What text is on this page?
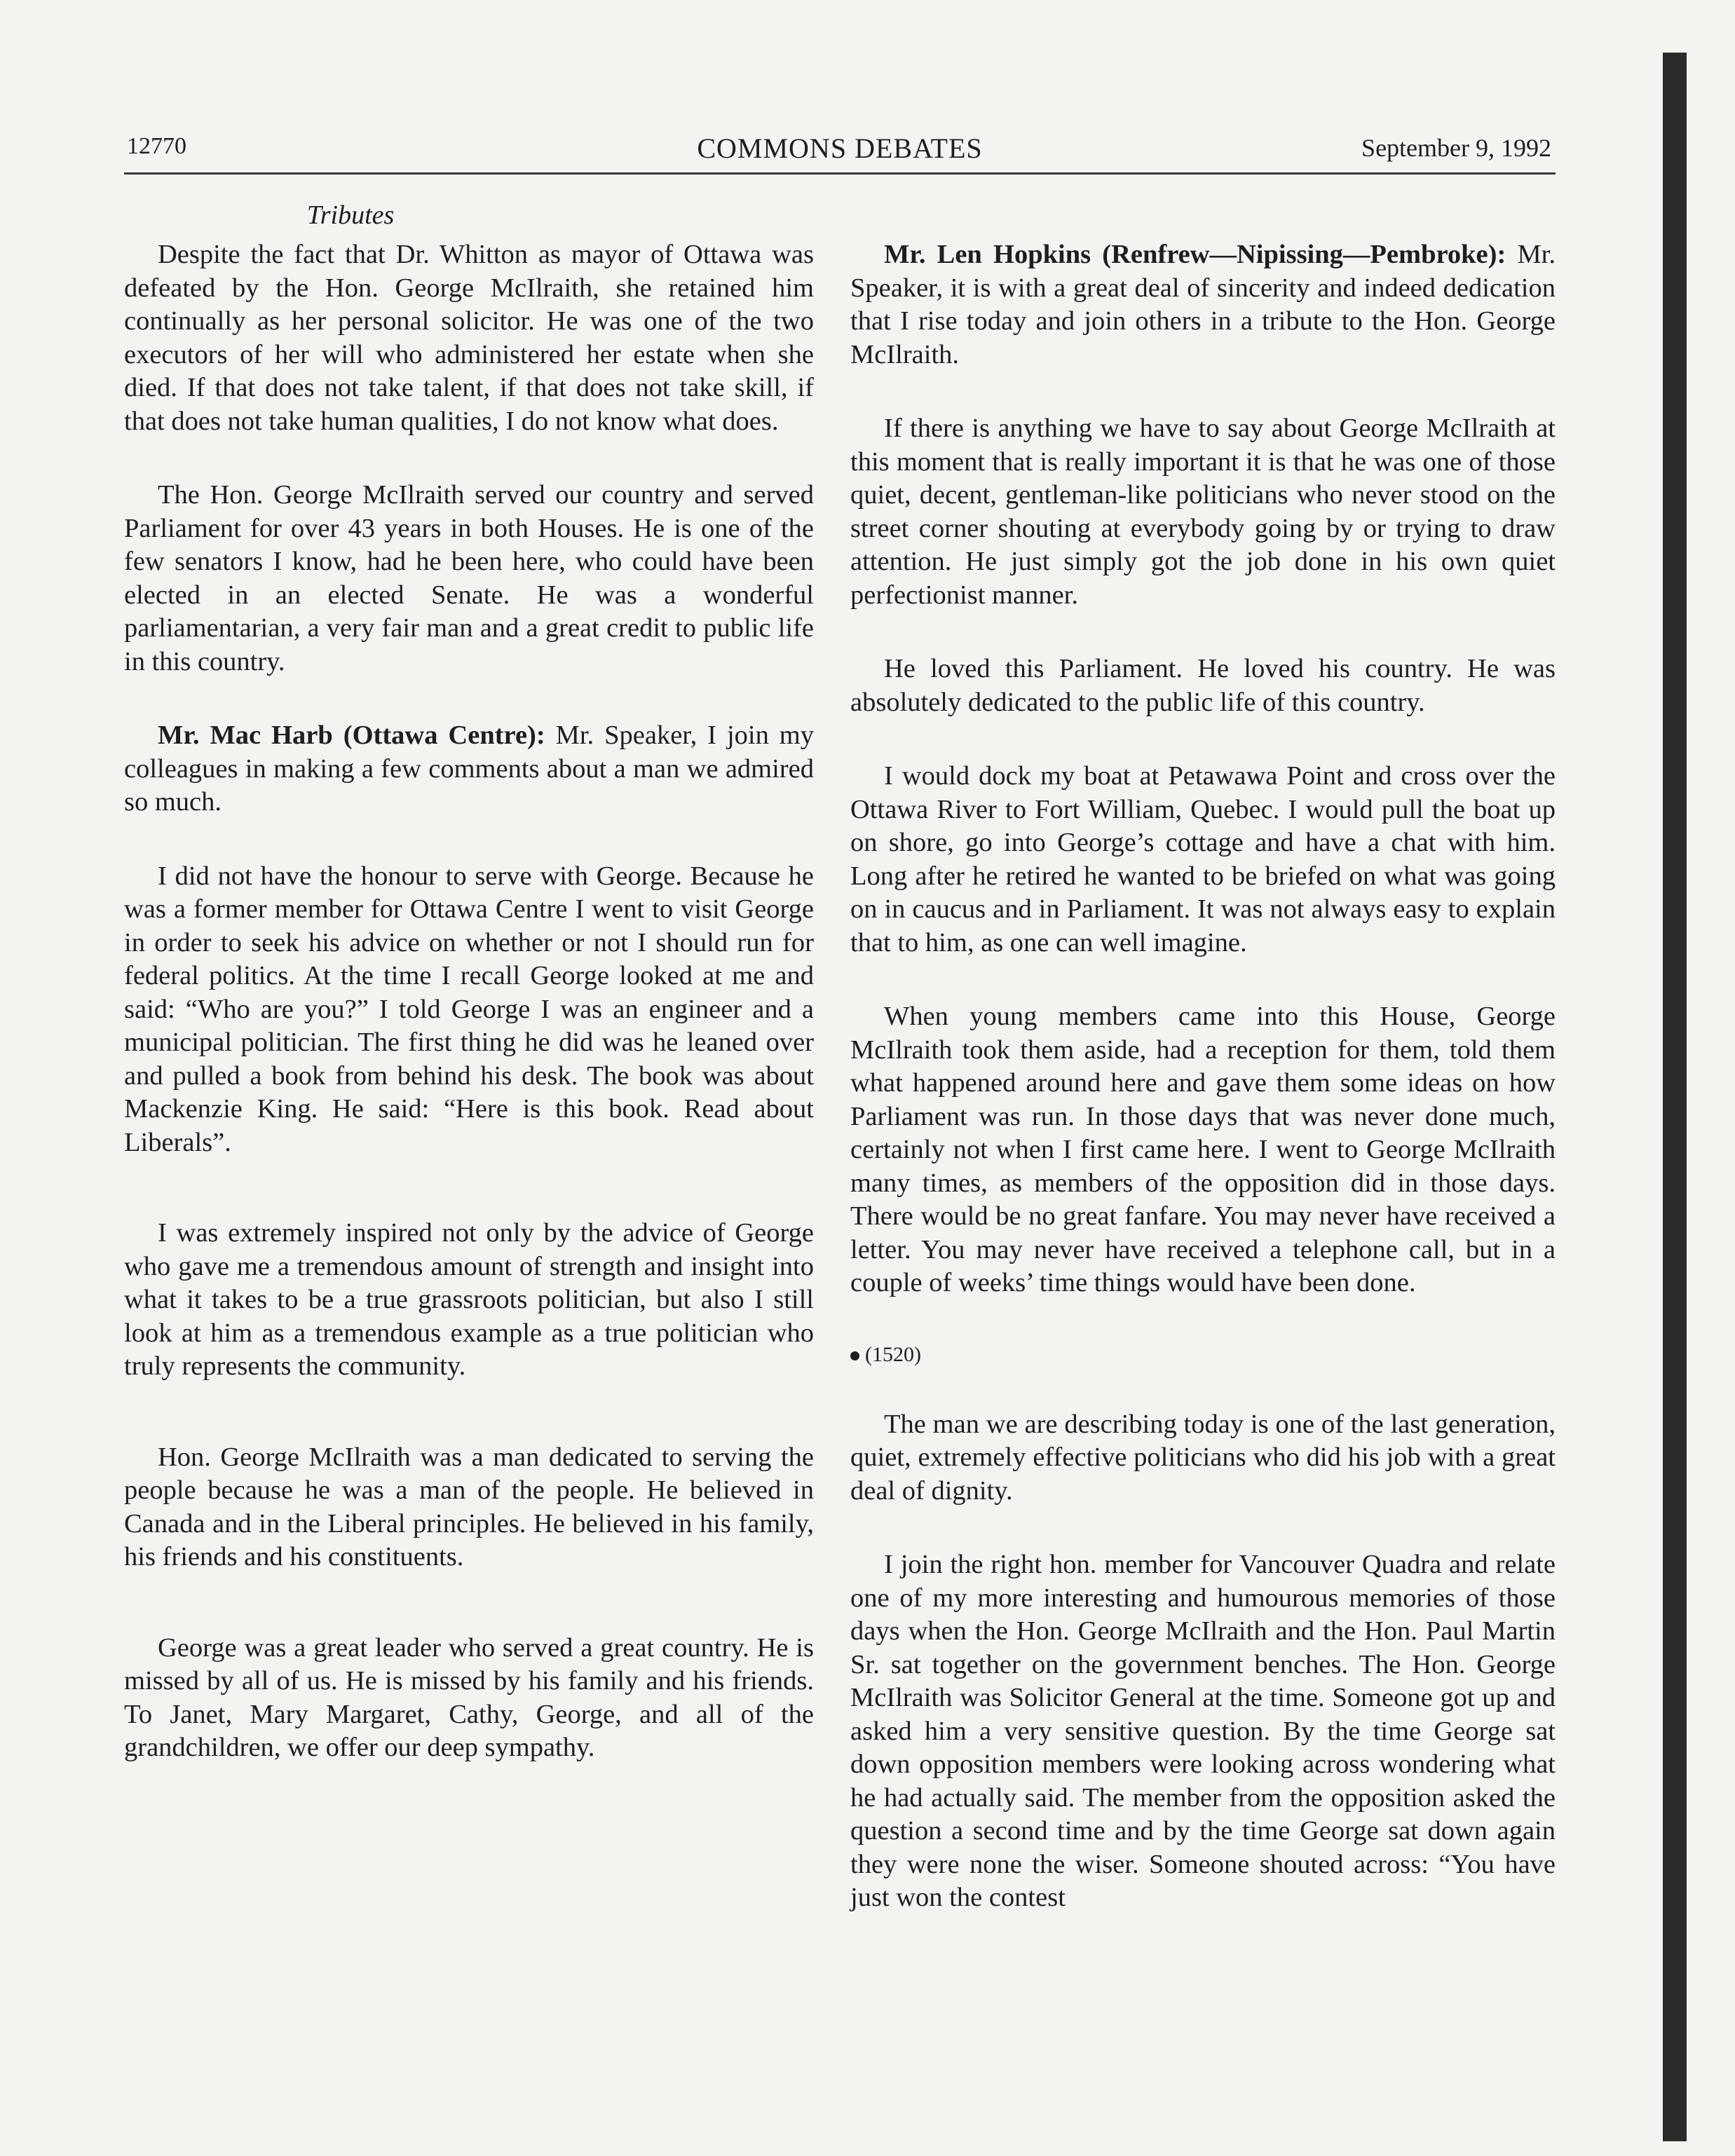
12770	COMMONS DEBATES	September 9, 1992
Tributes

Despite the fact that Dr. Whitton as mayor of Ottawa was defeated by the Hon. George McIlraith, she retained him continually as her personal solicitor. He was one of the two executors of her will who administered her estate when she died. If that does not take talent, if that does not take skill, if that does not take human qualities, I do not know what does.

The Hon. George McIlraith served our country and served Parliament for over 43 years in both Houses. He is one of the few senators I know, had he been here, who could have been elected in an elected Senate. He was a wonderful parliamentarian, a very fair man and a great credit to public life in this country.

Mr. Mac Harb (Ottawa Centre): Mr. Speaker, I join my colleagues in making a few comments about a man we admired so much.

I did not have the honour to serve with George. Because he was a former member for Ottawa Centre I went to visit George in order to seek his advice on whether or not I should run for federal politics. At the time I recall George looked at me and said: “Who are you?” I told George I was an engineer and a municipal politician. The first thing he did was he leaned over and pulled a book from behind his desk. The book was about Mackenzie King. He said: “Here is this book. Read about Liberals”.

I was extremely inspired not only by the advice of George who gave me a tremendous amount of strength and insight into what it takes to be a true grassroots politician, but also I still look at him as a tremendous example as a true politician who truly represents the community.

Hon. George McIlraith was a man dedicated to serving the people because he was a man of the people. He believed in Canada and in the Liberal principles. He believed in his family, his friends and his constituents.

George was a great leader who served a great country. He is missed by all of us. He is missed by his family and his friends. To Janet, Mary Margaret, Cathy, George, and all of the grandchildren, we offer our deep sympathy.

Mr. Len Hopkins (Renfrew—Nipissing—Pembroke): Mr. Speaker, it is with a great deal of sincerity and indeed dedication that I rise today and join others in a tribute to the Hon. George McIlraith.

If there is anything we have to say about George McIlraith at this moment that is really important it is that he was one of those quiet, decent, gentleman-like politicians who never stood on the street corner shouting at everybody going by or trying to draw attention. He just simply got the job done in his own quiet perfectionist manner.

He loved this Parliament. He loved his country. He was absolutely dedicated to the public life of this country.

I would dock my boat at Petawawa Point and cross over the Ottawa River to Fort William, Quebec. I would pull the boat up on shore, go into George’s cottage and have a chat with him. Long after he retired he wanted to be briefed on what was going on in caucus and in Parliament. It was not always easy to explain that to him, as one can well imagine.

When young members came into this House, George McIlraith took them aside, had a reception for them, told them what happened around here and gave them some ideas on how Parliament was run. In those days that was never done much, certainly not when I first came here. I went to George McIlraith many times, as members of the opposition did in those days. There would be no great fanfare. You may never have received a letter. You may never have received a telephone call, but in a couple of weeks’ time things would have been done.

(1520)

The man we are describing today is one of the last generation, quiet, extremely effective politicians who did his job with a great deal of dignity.

I join the right hon. member for Vancouver Quadra and relate one of my more interesting and humourous memories of those days when the Hon. George McIlraith and the Hon. Paul Martin Sr. sat together on the government benches. The Hon. George McIlraith was Solicitor General at the time. Someone got up and asked him a very sensitive question. By the time George sat down opposition members were looking across wondering what he had actually said. The member from the opposition asked the question a second time and by the time George sat down again they were none the wiser. Someone shouted across: “You have just won the contest
